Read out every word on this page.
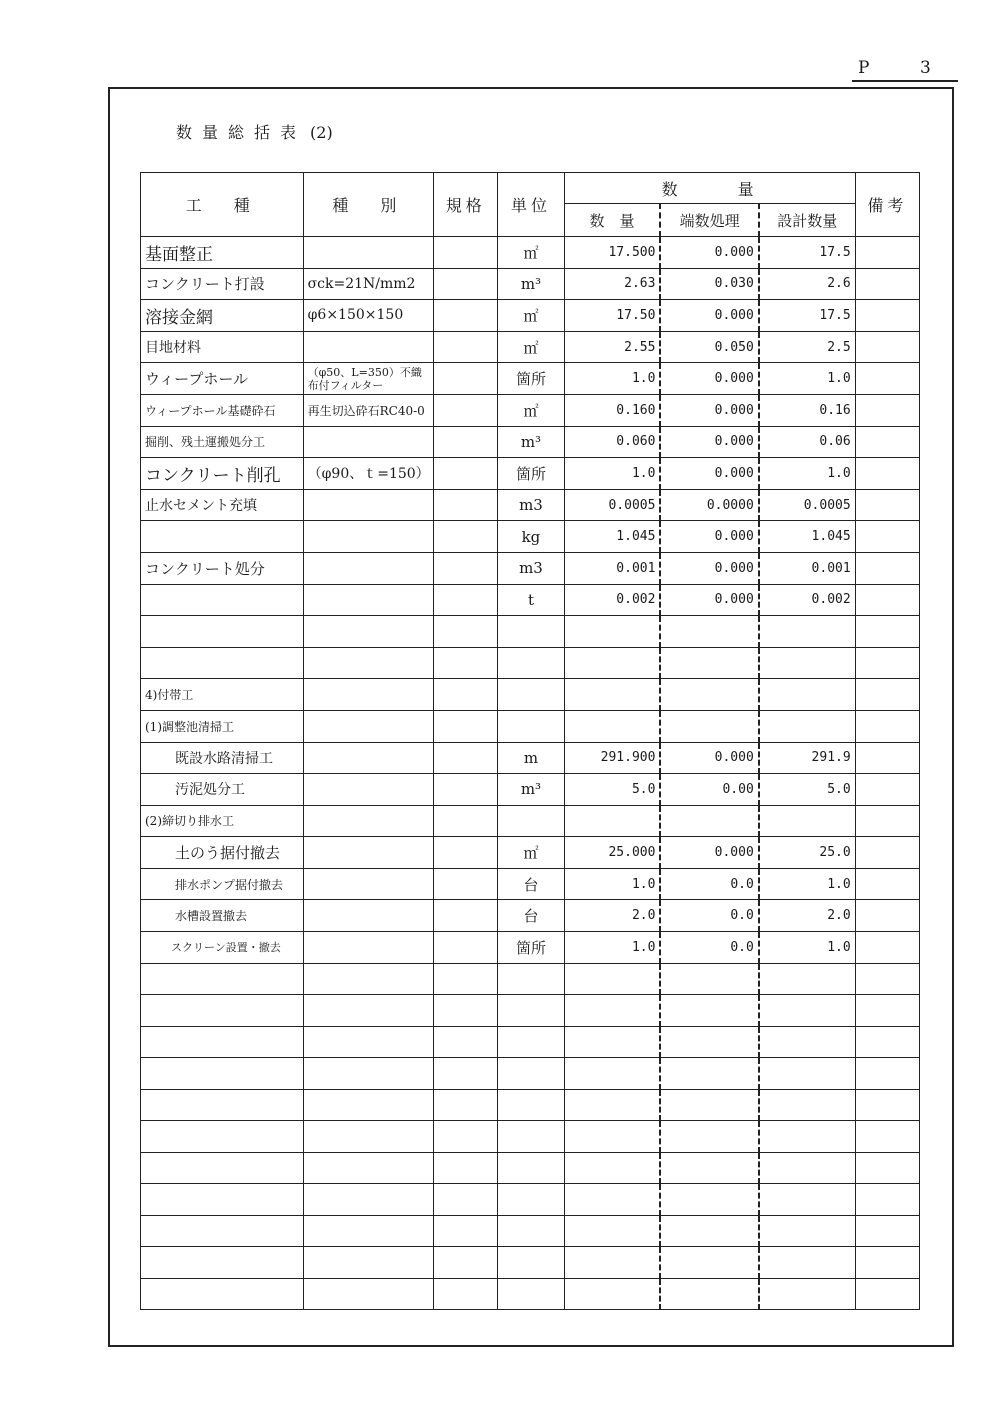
P	3
数量総括表 (2)
工　種	種　別	規格	単位	数量			備考
				数　量	端数処理	設計数量	
基面整正			㎡	17.500	0.000	17.5	
コンクリート打設	σck=21N/mm2		m³	2.63	0.030	2.6	
溶接金網	φ6×150×150		㎡	17.50	0.000	17.5	
目地材料			㎡	2.55	0.050	2.5	
ウィープホール	（φ50、L=350）不織布付フィルター		箇所	1.0	0.000	1.0	
ウィープホール基礎砕石	再生切込砕石RC40-0		㎡	0.160	0.000	0.16	
掘削、残土運搬処分工			m³	0.060	0.000	0.06	
コンクリート削孔	（φ90、ｔ=150）		箇所	1.0	0.000	1.0	
止水セメント充填			m3	0.0005	0.0000	0.0005	
			kg	1.045	0.000	1.045	
コンクリート処分			m3	0.001	0.000	0.001	
			t	0.002	0.000	0.002	

4)付帯工							
(1)調整池清掃工							
既設水路清掃工			m	291.900	0.000	291.9	
汚泥処分工			m³	5.0	0.00	5.0	
(2)締切り排水工							
土のう据付撤去			㎡	25.000	0.000	25.0	
排水ポンプ据付撤去			台	1.0	0.0	1.0	
水槽設置撤去			台	2.0	0.0	2.0	
スクリーン設置・撤去			箇所	1.0	0.0	1.0	
